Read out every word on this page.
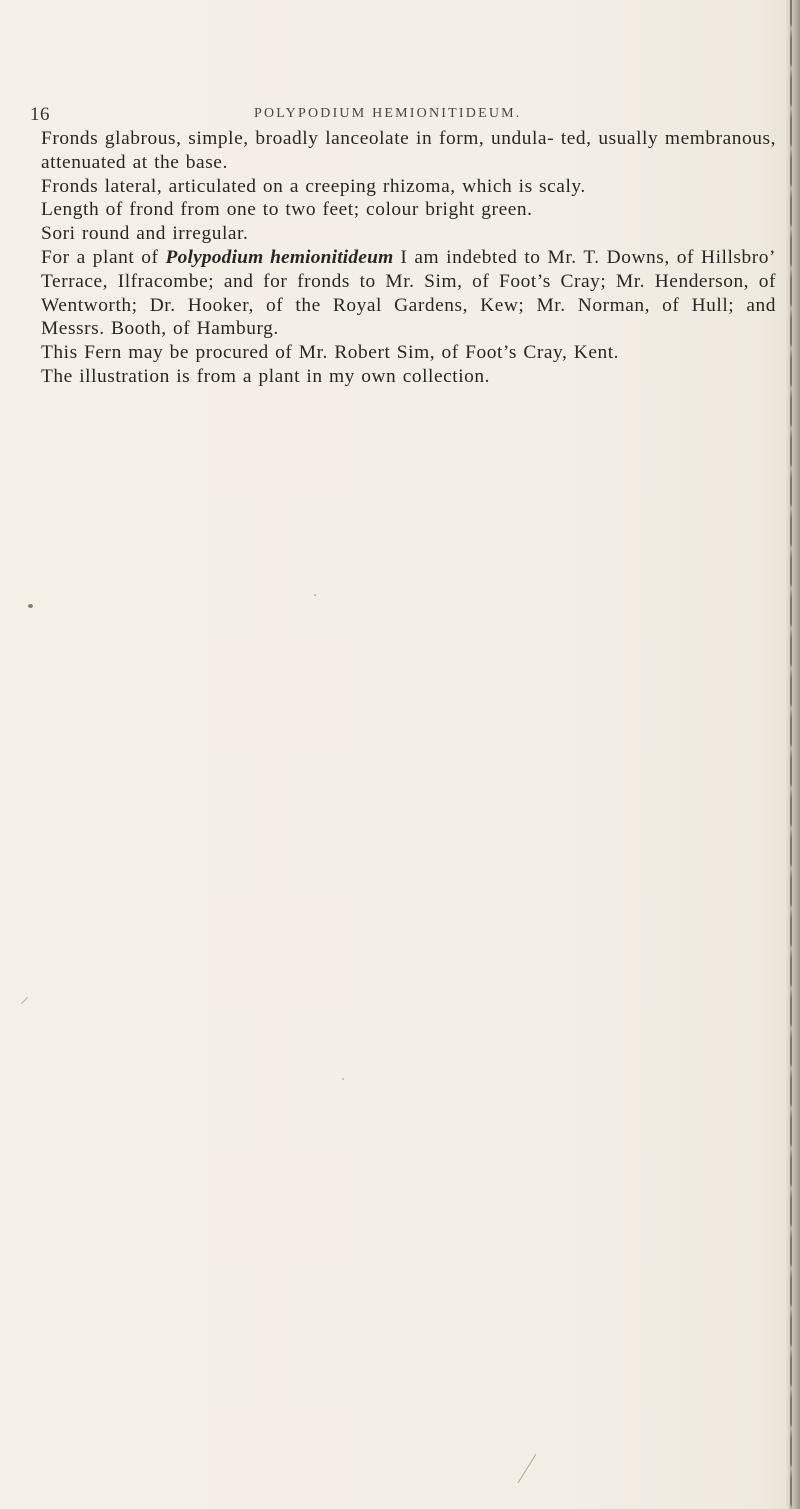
16	POLYPODIUM HEMIONITIDEUM.

Fronds glabrous, simple, broadly lanceolate in form, undula- ted, usually membranous, attenuated at the base.

Fronds lateral, articulated on a creeping rhizoma, which is scaly.

Length of frond from one to two feet; colour bright green.

Sori round and irregular.

For a plant of Polypodium hemionitideum I am indebted to Mr. T. Downs, of Hillsbro’ Terrace, Ilfracombe; and for fronds to Mr. Sim, of Foot’s Cray; Mr. Henderson, of Wentworth; Dr. Hooker, of the Royal Gardens, Kew; Mr. Norman, of Hull; and Messrs. Booth, of Hamburg.

This Fern may be procured of Mr. Robert Sim, of Foot’s Cray, Kent.

The illustration is from a plant in my own collection.
